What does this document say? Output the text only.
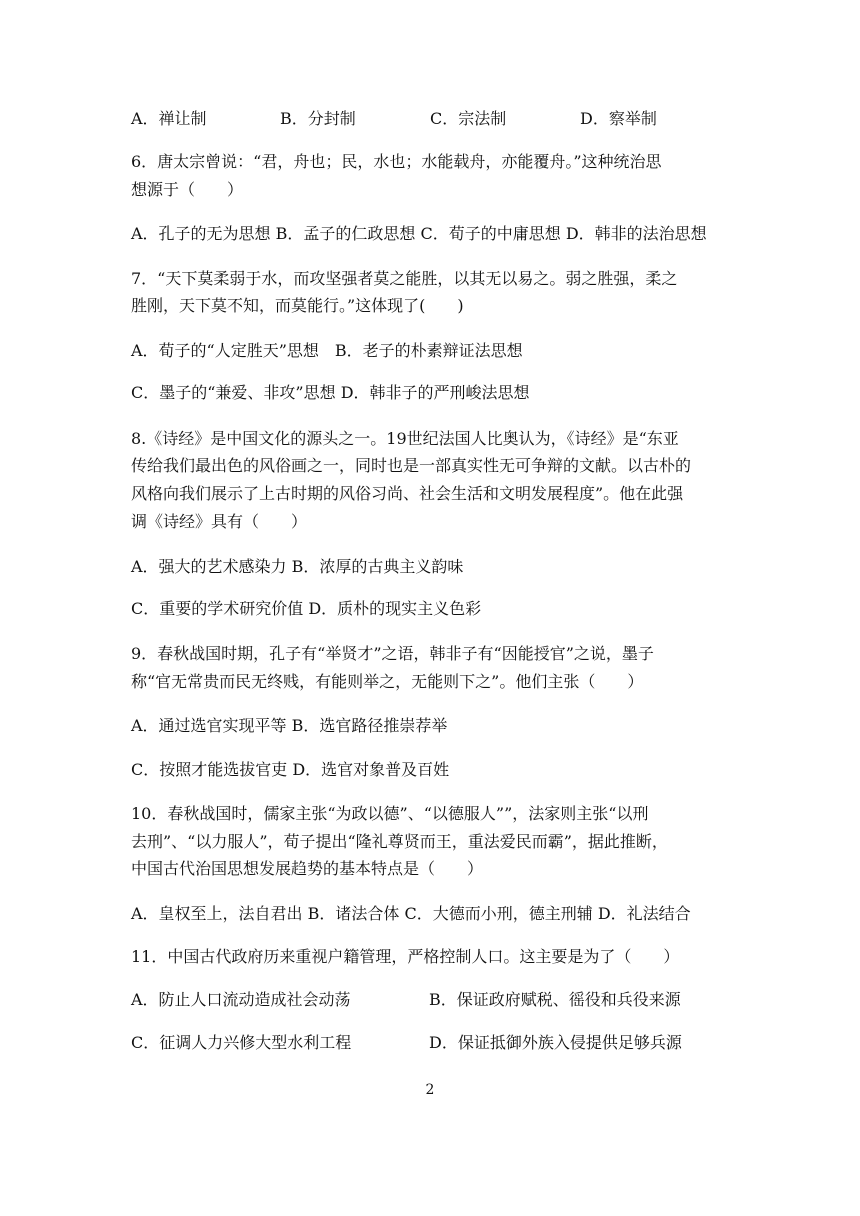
A．禅让制	B．分封制	C．宗法制	D．察举制
6．唐太宗曾说：“君，舟也；民，水也；水能载舟，亦能覆舟。”这种统治思
想源于（　　）
A．孔子的无为思想 B．孟子的仁政思想 C．荀子的中庸思想 D．韩非的法治思想
7．“天下莫柔弱于水，而攻坚强者莫之能胜，以其无以易之。弱之胜强，柔之
胜刚，天下莫不知，而莫能行。”这体现了(　　)
A．荀子的“人定胜天”思想　B．老子的朴素辩证法思想
C．墨子的“兼爱、非攻”思想 D．韩非子的严刑峻法思想
8.《诗经》是中国文化的源头之一。19世纪法国人比奥认为，《诗经》是“东亚
传给我们最出色的风俗画之一，同时也是一部真实性无可争辩的文献。以古朴的
风格向我们展示了上古时期的风俗习尚、社会生活和文明发展程度”。他在此强
调《诗经》具有（　　）
A．强大的艺术感染力 B．浓厚的古典主义韵味
C．重要的学术研究价值 D．质朴的现实主义色彩
9．春秋战国时期，孔子有“举贤才”之语，韩非子有“因能授官”之说，墨子
称“官无常贵而民无终贱，有能则举之，无能则下之”。他们主张（　　）
A．通过选官实现平等 B．选官路径推崇荐举
C．按照才能选拔官吏 D．选官对象普及百姓
10．春秋战国时，儒家主张“为政以德”、“以德服人””，法家则主张“以刑
去刑”、“以力服人”，荀子提出“隆礼尊贤而王，重法爱民而霸”，据此推断，
中国古代治国思想发展趋势的基本特点是（　　）
A．皇权至上，法自君出 B．诸法合体 C．大德而小刑，德主刑辅 D．礼法结合
11．中国古代政府历来重视户籍管理，严格控制人口。这主要是为了（　　）
A．防止人口流动造成社会动荡	B．保证政府赋税、徭役和兵役来源
C．征调人力兴修大型水利工程	D．保证抵御外族入侵提供足够兵源
2
